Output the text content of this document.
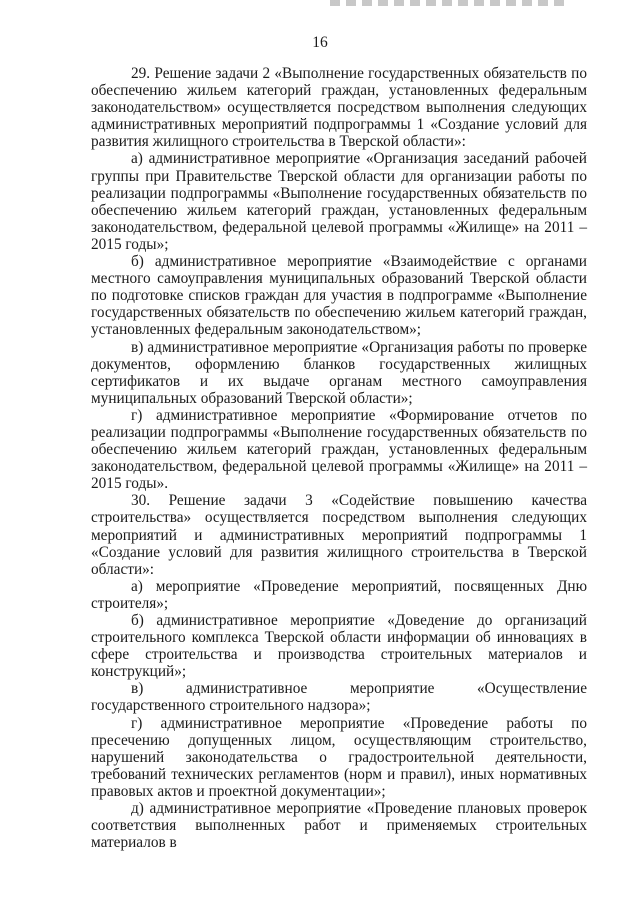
16

29. Решение задачи 2 «Выполнение государственных обязательств по обеспечению жильем категорий граждан, установленных федеральным законодательством» осуществляется посредством выполнения следующих административных мероприятий подпрограммы 1 «Создание условий для развития жилищного строительства в Тверской области»:

а) административное мероприятие «Организация заседаний рабочей группы при Правительстве Тверской области для организации работы по реализации подпрограммы «Выполнение государственных обязательств по обеспечению жильем категорий граждан, установленных федеральным законодательством, федеральной целевой программы «Жилище» на 2011 – 2015 годы»;

б) административное мероприятие «Взаимодействие с органами местного самоуправления муниципальных образований Тверской области по подготовке списков граждан для участия в подпрограмме «Выполнение государственных обязательств по обеспечению жильем категорий граждан, установленных федеральным законодательством»;

в) административное мероприятие «Организация работы по проверке документов, оформлению бланков государственных жилищных сертификатов и их выдаче органам местного самоуправления муниципальных образований Тверской области»;

г) административное мероприятие «Формирование отчетов по реализации подпрограммы «Выполнение государственных обязательств по обеспечению жильем категорий граждан, установленных федеральным законодательством, федеральной целевой программы «Жилище» на 2011 – 2015 годы».

30. Решение задачи 3 «Содействие повышению качества строительства» осуществляется посредством выполнения следующих мероприятий и административных мероприятий подпрограммы 1 «Создание условий для развития жилищного строительства в Тверской области»:

а) мероприятие «Проведение мероприятий, посвященных Дню строителя»;

б) административное мероприятие «Доведение до организаций строительного комплекса Тверской области информации об инновациях в сфере строительства и производства строительных материалов и конструкций»;

в) административное мероприятие «Осуществление государственного строительного надзора»;

г) административное мероприятие «Проведение работы по пресечению допущенных лицом, осуществляющим строительство, нарушений законодательства о градостроительной деятельности, требований технических регламентов (норм и правил), иных нормативных правовых актов и проектной документации»;

д) административное мероприятие «Проведение плановых проверок соответствия выполненных работ и применяемых строительных материалов в
